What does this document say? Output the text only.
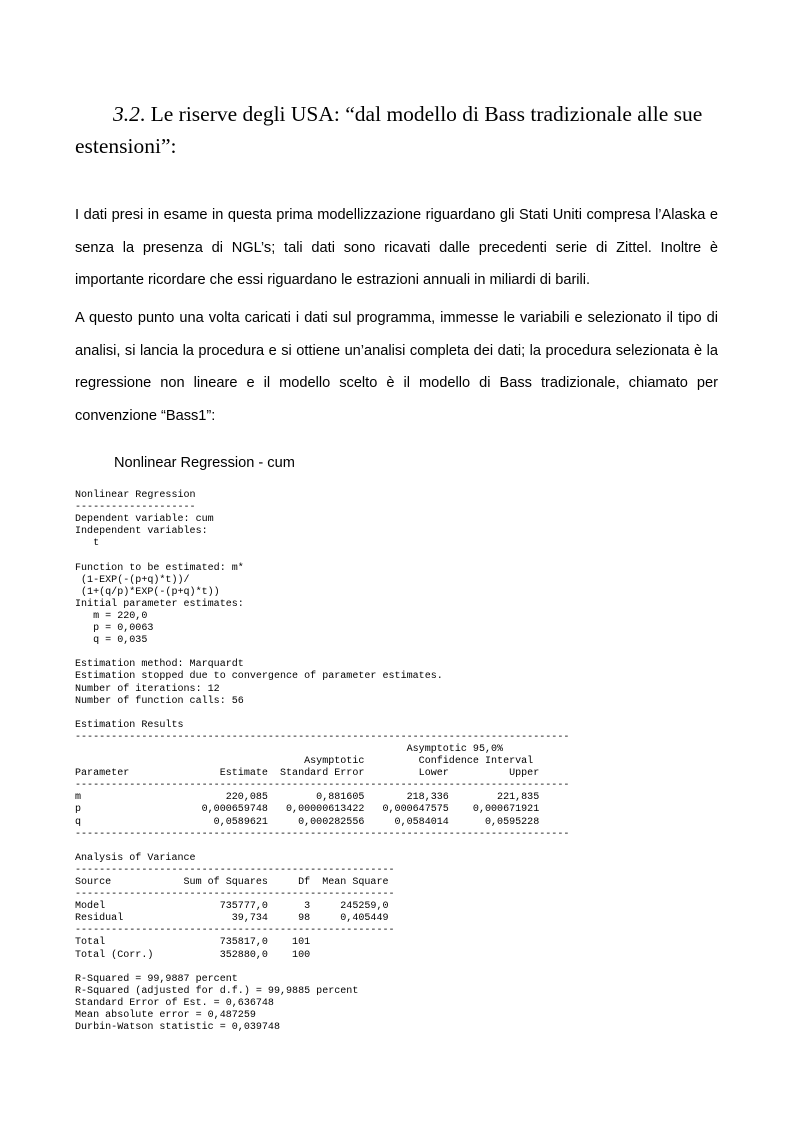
3.2. Le riserve degli USA: “dal modello di Bass tradizionale alle sue
estensioni”:
I dati presi in esame in questa prima modellizzazione riguardano gli Stati Uniti compresa l’Alaska e senza la presenza di NGL’s; tali dati sono ricavati dalle precedenti serie di Zittel. Inoltre è importante ricordare che essi riguardano le estrazioni annuali in miliardi di barili.
A questo punto una volta caricati i dati sul programma, immesse le variabili e selezionato il tipo di analisi, si lancia la procedura e si ottiene un’analisi completa dei dati; la procedura selezionata è la regressione non lineare e il modello scelto è il modello di Bass tradizionale, chiamato per convenzione “Bass1”:
Nonlinear Regression - cum
Nonlinear Regression
--------------------
Dependent variable: cum
Independent variables:
t

Function to be estimated: m*
(1-EXP(-(p+q)*t))/
(1+(q/p)*EXP(-(p+q)*t))
Initial parameter estimates:
m = 220,0
p = 0,0063
q = 0,035

Estimation method: Marquardt
Estimation stopped due to convergence of parameter estimates.
Number of iterations: 12
Number of function calls: 56

Estimation Results
----------------------------------------------------------------------------------
Asymptotic 95,0%
Asymptotic         Confidence Interval
Parameter               Estimate  Standard Error         Lower          Upper
----------------------------------------------------------------------------------
m                        220,085        0,881605       218,336        221,835
p                    0,000659748   0,00000613422   0,000647575    0,000671921
q                      0,0589621     0,000282556     0,0584014      0,0595228
----------------------------------------------------------------------------------

Analysis of Variance
-----------------------------------------------------
Source            Sum of Squares     Df  Mean Square
-----------------------------------------------------
Model                   735777,0      3     245259,0
Residual                  39,734     98     0,405449
-----------------------------------------------------
Total                   735817,0    101
Total (Corr.)           352880,0    100

R-Squared = 99,9887 percent
R-Squared (adjusted for d.f.) = 99,9885 percent
Standard Error of Est. = 0,636748
Mean absolute error = 0,487259
Durbin-Watson statistic = 0,039748
